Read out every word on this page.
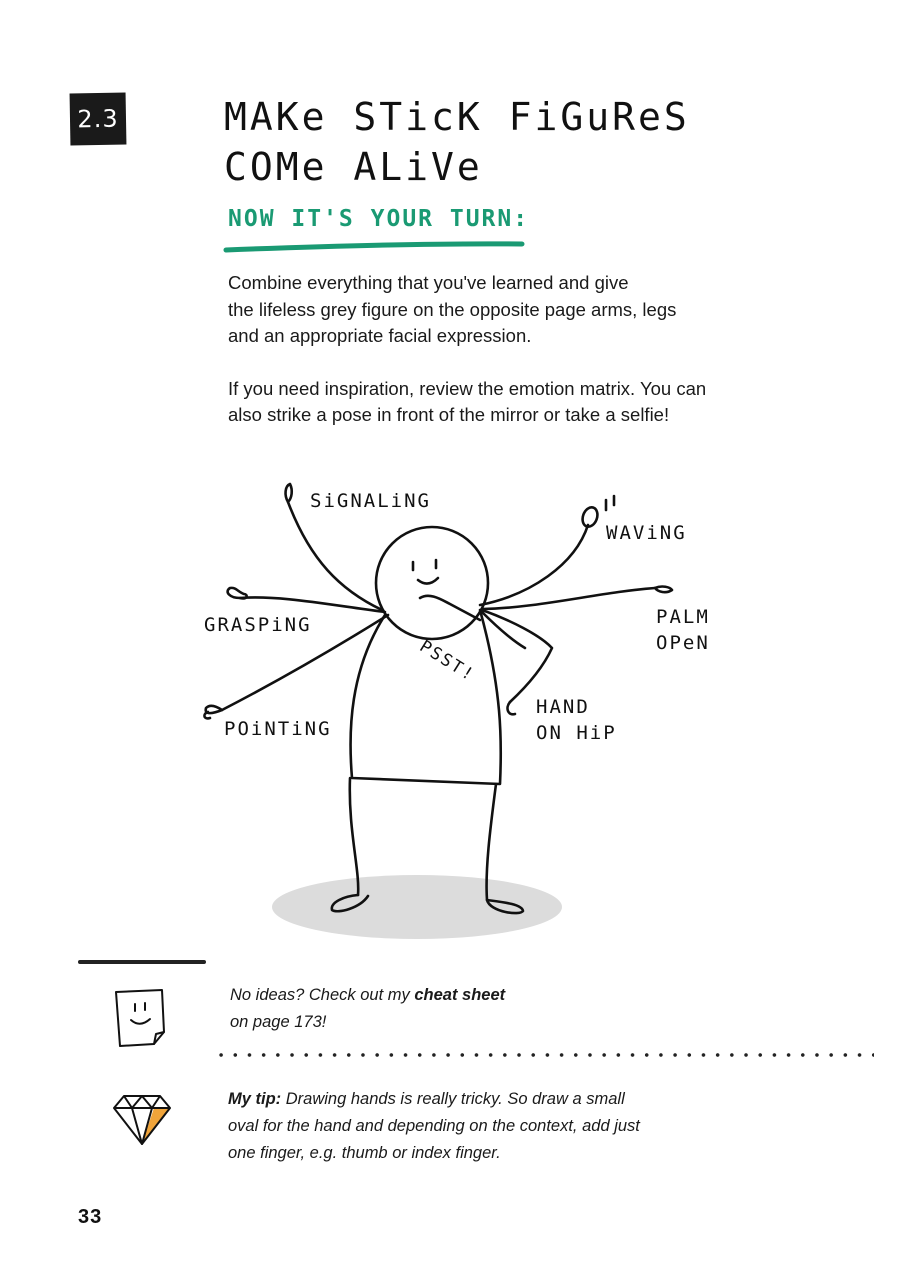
2.3	MAKe STicK FiGuReS
COMe ALiVe
NOW IT'S YOUR TURN:

Combine everything that you've learned and give
the lifeless grey figure on the opposite page arms, legs
and an appropriate facial expression.

If you need inspiration, review the emotion matrix. You can
also strike a pose in front of the mirror or take a selfie!

SiGNALiNG
WAViNG
GRASPiNG	PALM
OPeN
PSST!
POiNTiNG
HAND
ON HiP
No ideas? Check out my cheat sheet
on page 173!
My tip: Drawing hands is really tricky. So draw a small
oval for the hand and depending on the context, add just
one finger, e.g. thumb or index finger.
33
